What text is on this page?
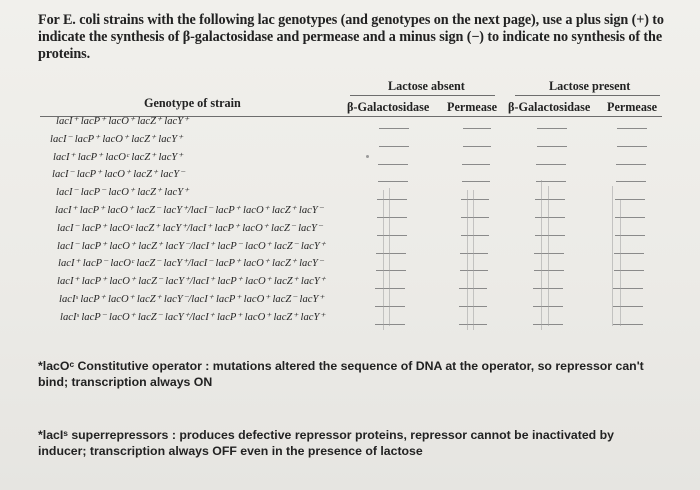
For E. coli strains with the following lac genotypes (and genotypes on the next page), use a plus sign (+) to indicate the synthesis of β-galactosidase and permease and a minus sign (−) to indicate no synthesis of the proteins.
Lactose absent	Lactose present
Genotype of strain	β-Galactosidase Permease β-Galactosidase Permease
lacI⁺ lacP⁺ lacO⁺ lacZ⁺ lacY⁺
lacI⁻ lacP⁺ lacO⁺ lacZ⁺ lacY⁺
lacI⁺ lacP⁺ lacOᶜ lacZ⁺ lacY⁺
lacI⁻ lacP⁺ lacO⁺ lacZ⁺ lacY⁻
lacI⁻ lacP⁻ lacO⁺ lacZ⁺ lacY⁺
lacI⁺ lacP⁺ lacO⁺ lacZ⁻ lacY⁺/lacI⁻ lacP⁺ lacO⁺ lacZ⁺ lacY⁻
lacI⁻ lacP⁺ lacOᶜ lacZ⁺ lacY⁺/lacI⁺ lacP⁺ lacO⁺ lacZ⁻ lacY⁻
lacI⁻ lacP⁺ lacO⁺ lacZ⁺ lacY⁻/lacI⁺ lacP⁻ lacO⁺ lacZ⁻ lacY⁺
lacI⁺ lacP⁻ lacOᶜ lacZ⁻ lacY⁺/lacI⁻ lacP⁺ lacO⁺ lacZ⁺ lacY⁻
lacI⁺ lacP⁺ lacO⁺ lacZ⁻ lacY⁺/lacI⁺ lacP⁺ lacO⁺ lacZ⁺ lacY⁺
lacIˢ lacP⁺ lacO⁺ lacZ⁺ lacY⁻/lacI⁺ lacP⁺ lacO⁺ lacZ⁻ lacY⁺
lacIˢ lacP⁻ lacO⁺ lacZ⁻ lacY⁺/lacI⁺ lacP⁺ lacO⁺ lacZ⁺ lacY⁺
*lacOᶜ Constitutive operator : mutations altered the sequence of DNA at the operator, so repressor can't bind; transcription always ON
*lacIˢ superrepressors : produces defective repressor proteins, repressor cannot be inactivated by inducer; transcription always OFF even in the presence of lactose
